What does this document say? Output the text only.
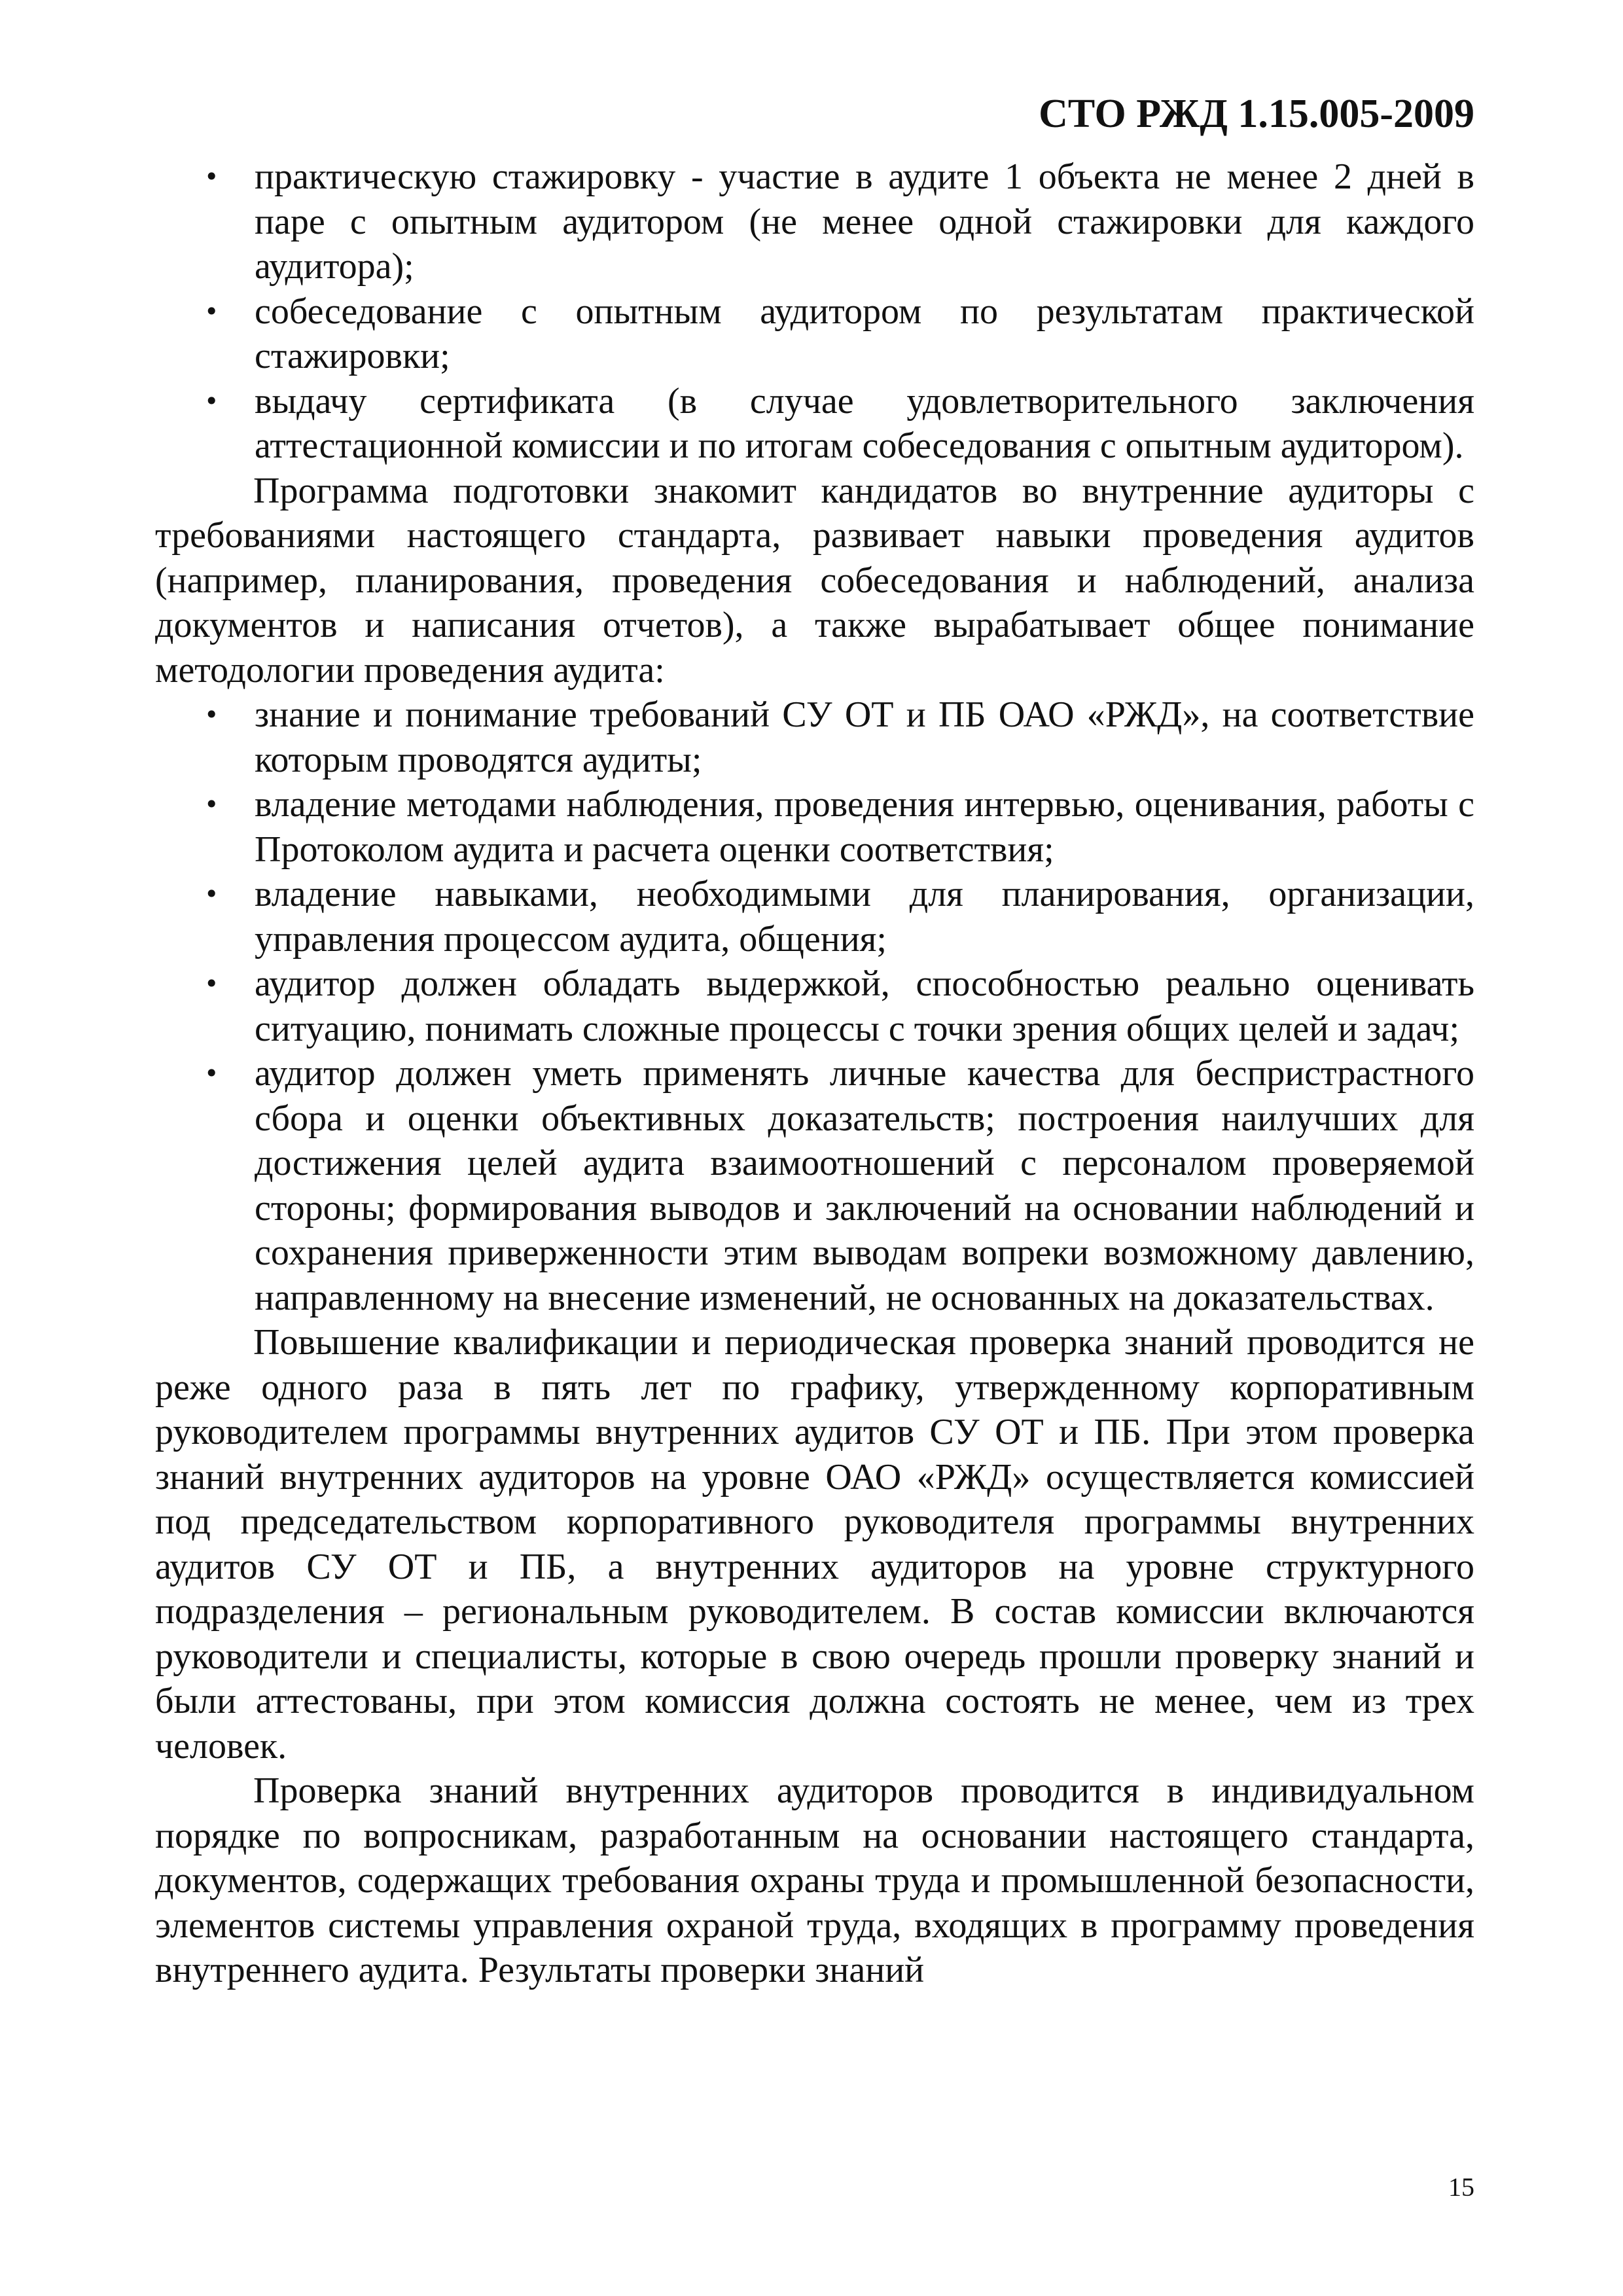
СТО РЖД 1.15.005-2009
• практическую стажировку - участие в аудите 1 объекта не менее 2 дней в паре с опытным аудитором (не менее одной стажировки для каждого аудитора);
• собеседование с опытным аудитором по результатам практической стажировки;
• выдачу сертификата (в случае удовлетворительного заключения аттестационной комиссии и по итогам собеседования с опытным аудитором).

Программа подготовки знакомит кандидатов во внутренние аудиторы с требованиями настоящего стандарта, развивает навыки проведения аудитов (например, планирования, проведения собеседования и наблюдений, анализа документов и написания отчетов), а также вырабатывает общее понимание методологии проведения аудита:

• знание и понимание требований СУ ОТ и ПБ ОАО «РЖД», на соответствие которым проводятся аудиты;
• владение методами наблюдения, проведения интервью, оценивания, работы с Протоколом аудита и расчета оценки соответствия;
• владение навыками, необходимыми для планирования, организации, управления процессом аудита, общения;
• аудитор должен обладать выдержкой, способностью реально оценивать ситуацию, понимать сложные процессы с точки зрения общих целей и задач;
• аудитор должен уметь применять личные качества для беспристрастного сбора и оценки объективных доказательств; построения наилучших для достижения целей аудита взаимоотношений с персоналом проверяемой стороны; формирования выводов и заключений на основании наблюдений и сохранения приверженности этим выводам вопреки возможному давлению, направленному на внесение изменений, не основанных на доказательствах.

Повышение квалификации и периодическая проверка знаний проводится не реже одного раза в пять лет по графику, утвержденному корпоративным руководителем программы внутренних аудитов СУ ОТ и ПБ. При этом проверка знаний внутренних аудиторов на уровне ОАО «РЖД» осуществляется комиссией под председательством корпоративного руководителя программы внутренних аудитов СУ ОТ и ПБ, а внутренних аудиторов на уровне структурного подразделения – региональным руководителем. В состав комиссии включаются руководители и специалисты, которые в свою очередь прошли проверку знаний и были аттестованы, при этом комиссия должна состоять не менее, чем из трех человек.

Проверка знаний внутренних аудиторов проводится в индивидуальном порядке по вопросникам, разработанным на основании настоящего стандарта, документов, содержащих требования охраны труда и промышленной безопасности, элементов системы управления охраной труда, входящих в программу проведения внутреннего аудита. Результаты проверки знаний

15
